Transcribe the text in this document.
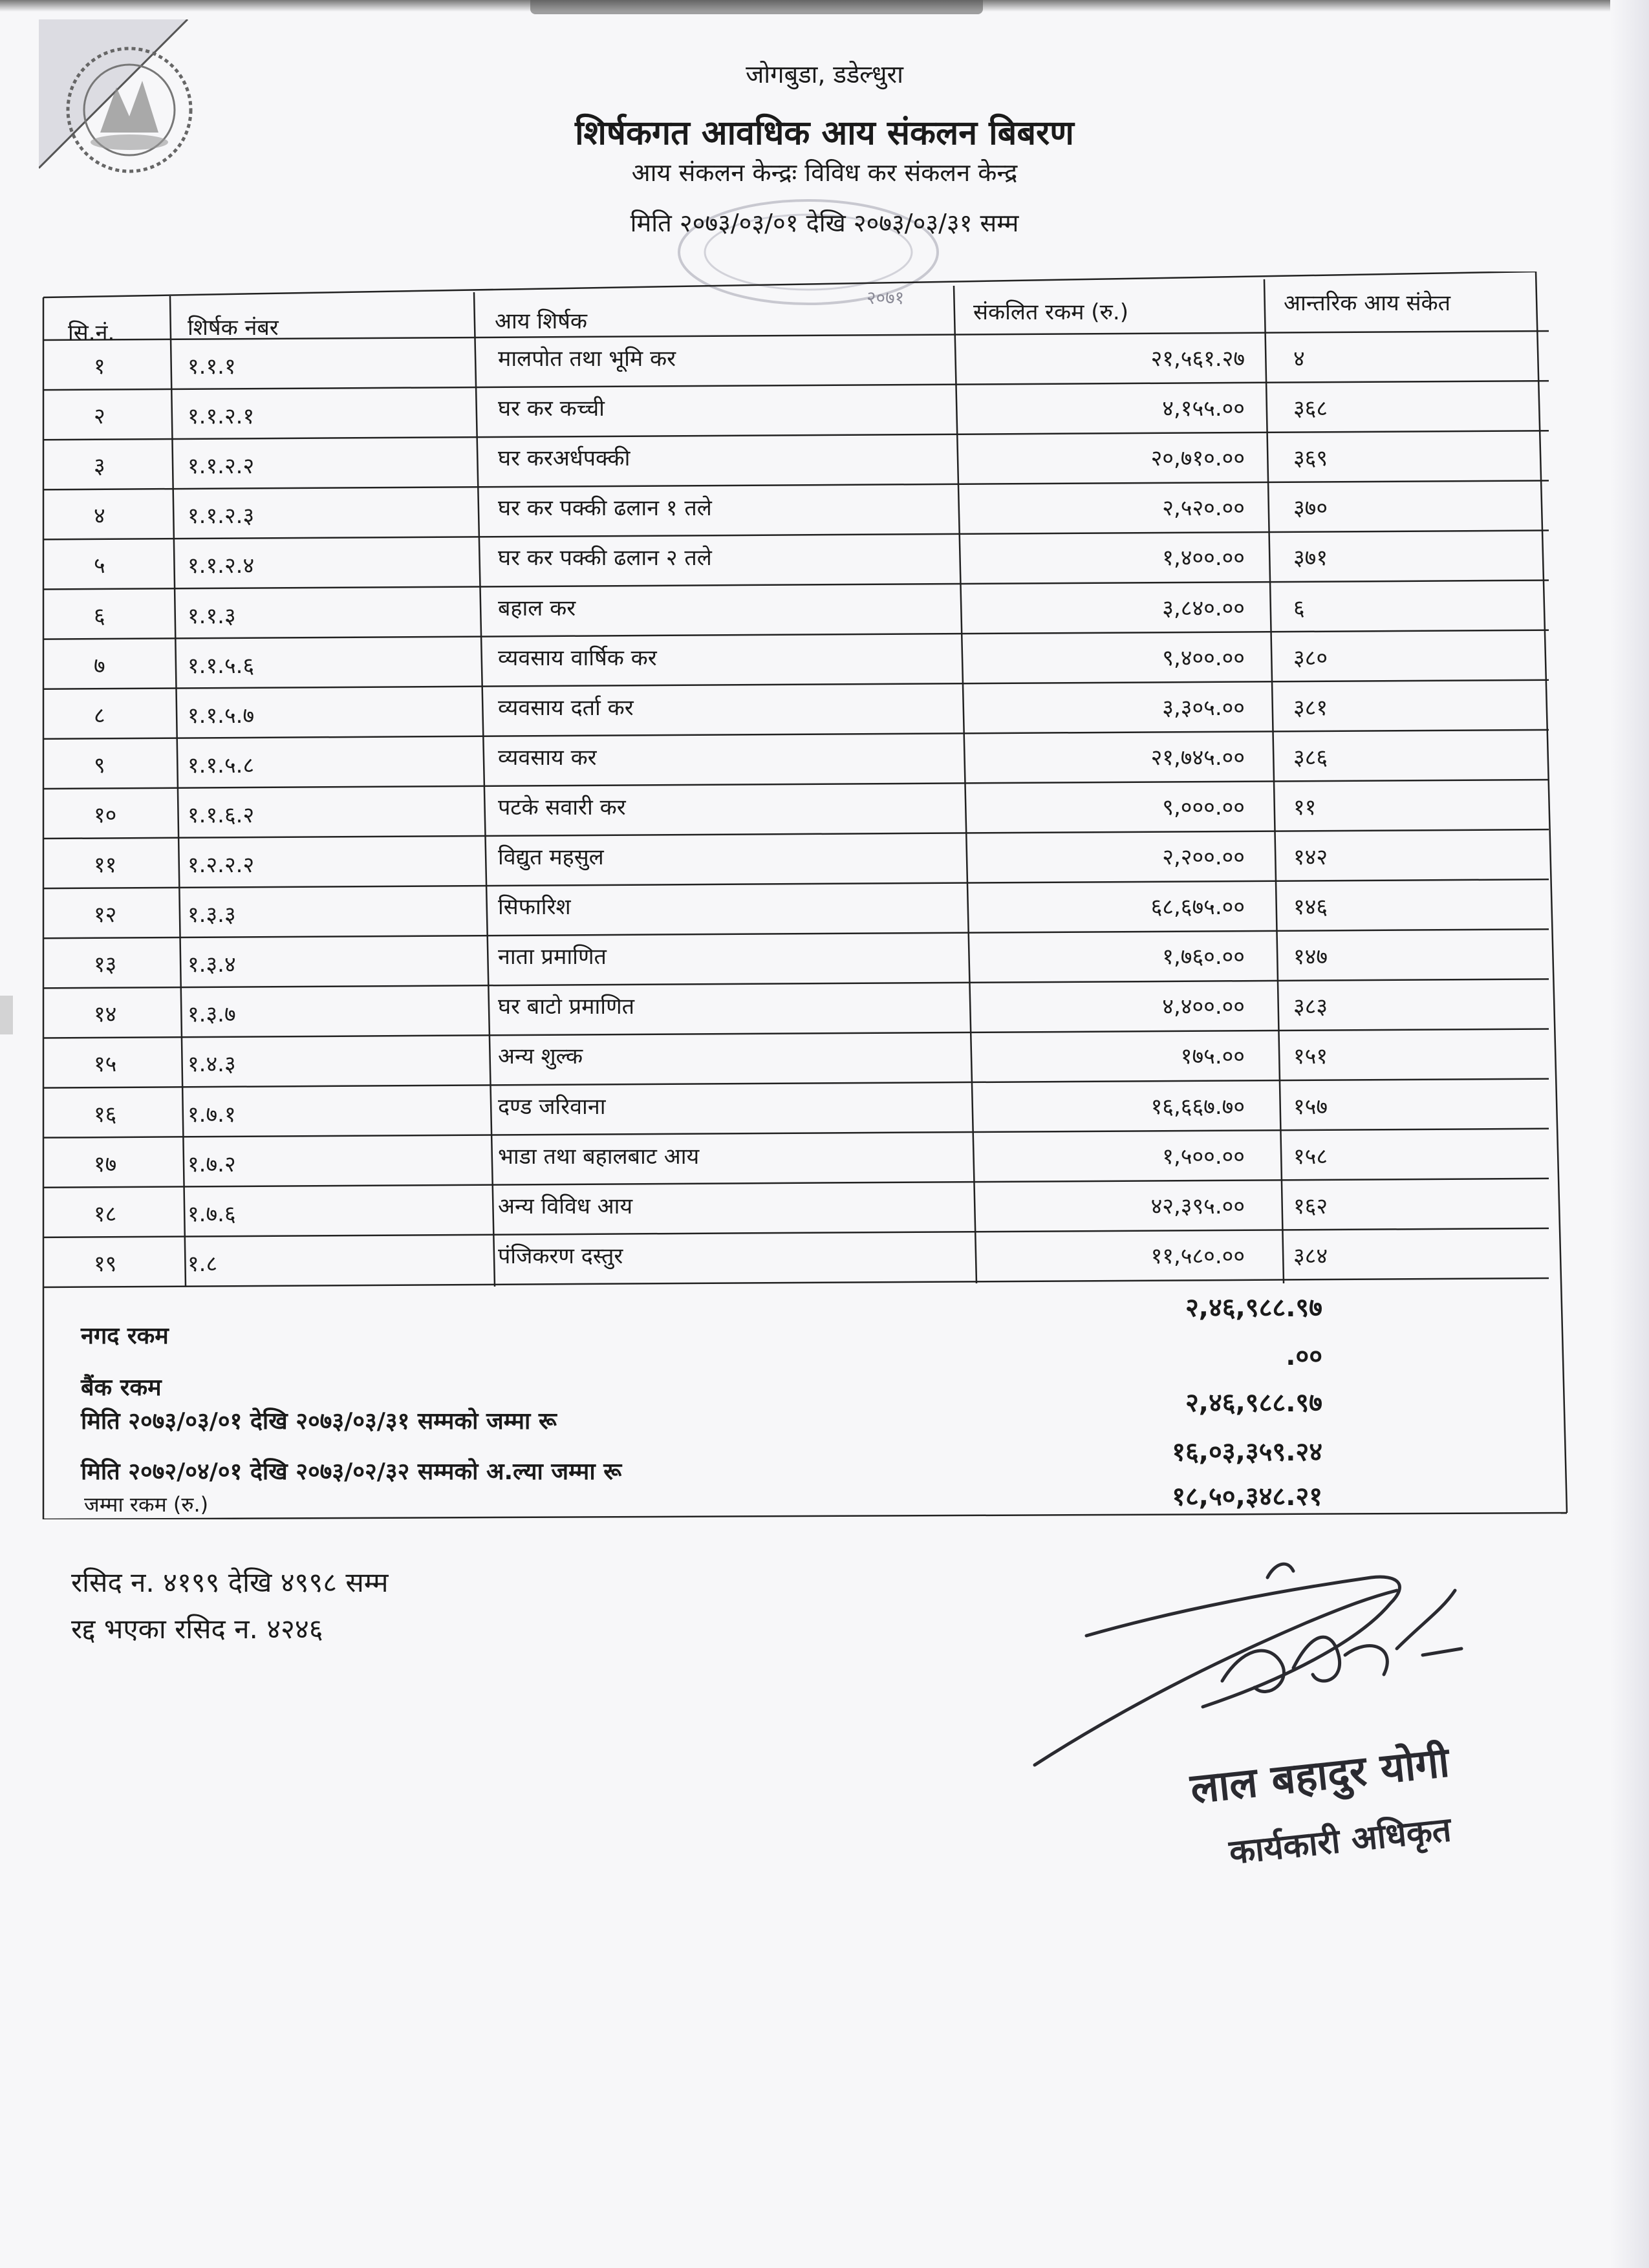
२०७१
जोगबुडा, डडेल्धुरा
शिर्षकगत आवधिक आय संकलन बिबरण
आय संकलन केन्द्रः विविध कर संकलन केन्द्र
मिति २०७३/०३/०१ देखि २०७३/०३/३१ सम्म
सि.नं.	शिर्षक नंबर	आय शिर्षक	संकलित रकम (रु.)	आन्तरिक आय संकेत
१	१.१.१	मालपोत तथा भूमि कर	२१,५६१.२७ ४
२	१.१.२.१	घर कर कच्ची	४,१५५.०० ३६८
३	१.१.२.२	घर करअर्धपक्की	२०,७१०.०० ३६९
४	१.१.२.३	घर कर पक्की ढलान १ तले	२,५२०.०० ३७०
५	१.१.२.४	घर कर पक्की ढलान २ तले	१,४००.०० ३७१
६	१.१.३	बहाल कर	३,८४०.०० ६
७	१.१.५.६	व्यवसाय वार्षिक कर	९,४००.०० ३८०
८	१.१.५.७	व्यवसाय दर्ता कर	३,३०५.०० ३८१
९	१.१.५.८	व्यवसाय कर	२१,७४५.०० ३८६
१०	१.१.६.२	पटके सवारी कर	९,०००.०० ११
११	१.२.२.२	विद्युत महसुल	२,२००.०० १४२
१२	१.३.३	सिफारिश	६८,६७५.०० १४६
१३	१.३.४	नाता प्रमाणित	१,७६०.०० १४७
१४	१.३.७	घर बाटो प्रमाणित	४,४००.०० ३८३
१५	१.४.३	अन्य शुल्क	१७५.०० १५१
१६	१.७.१	दण्ड जरिवाना	१६,६६७.७० १५७
१७	१.७.२	भाडा तथा बहालबाट आय	१,५००.०० १५८
१८	१.७.६	अन्य विविध आय	४२,३९५.०० १६२
१९	१.८	पंजिकरण दस्तुर	११,५८०.०० ३८४
नगद रकम
२,४६,९८८.९७
बैंक रकम
.००
मिति २०७३/०३/०१ देखि २०७३/०३/३१ सम्मको जम्मा रू
२,४६,९८८.९७
मिति २०७२/०४/०१ देखि २०७३/०२/३२ सम्मको अ.ल्या जम्मा रू
१६,०३,३५९.२४
जम्मा रकम (रु.)	१८,५०,३४८.२१
रसिद न. ४१९९ देखि ४९९८ सम्म
रद्द भएका रसिद न. ४२४६
लाल बहादुर योगी
कार्यकारी अधिकृत
